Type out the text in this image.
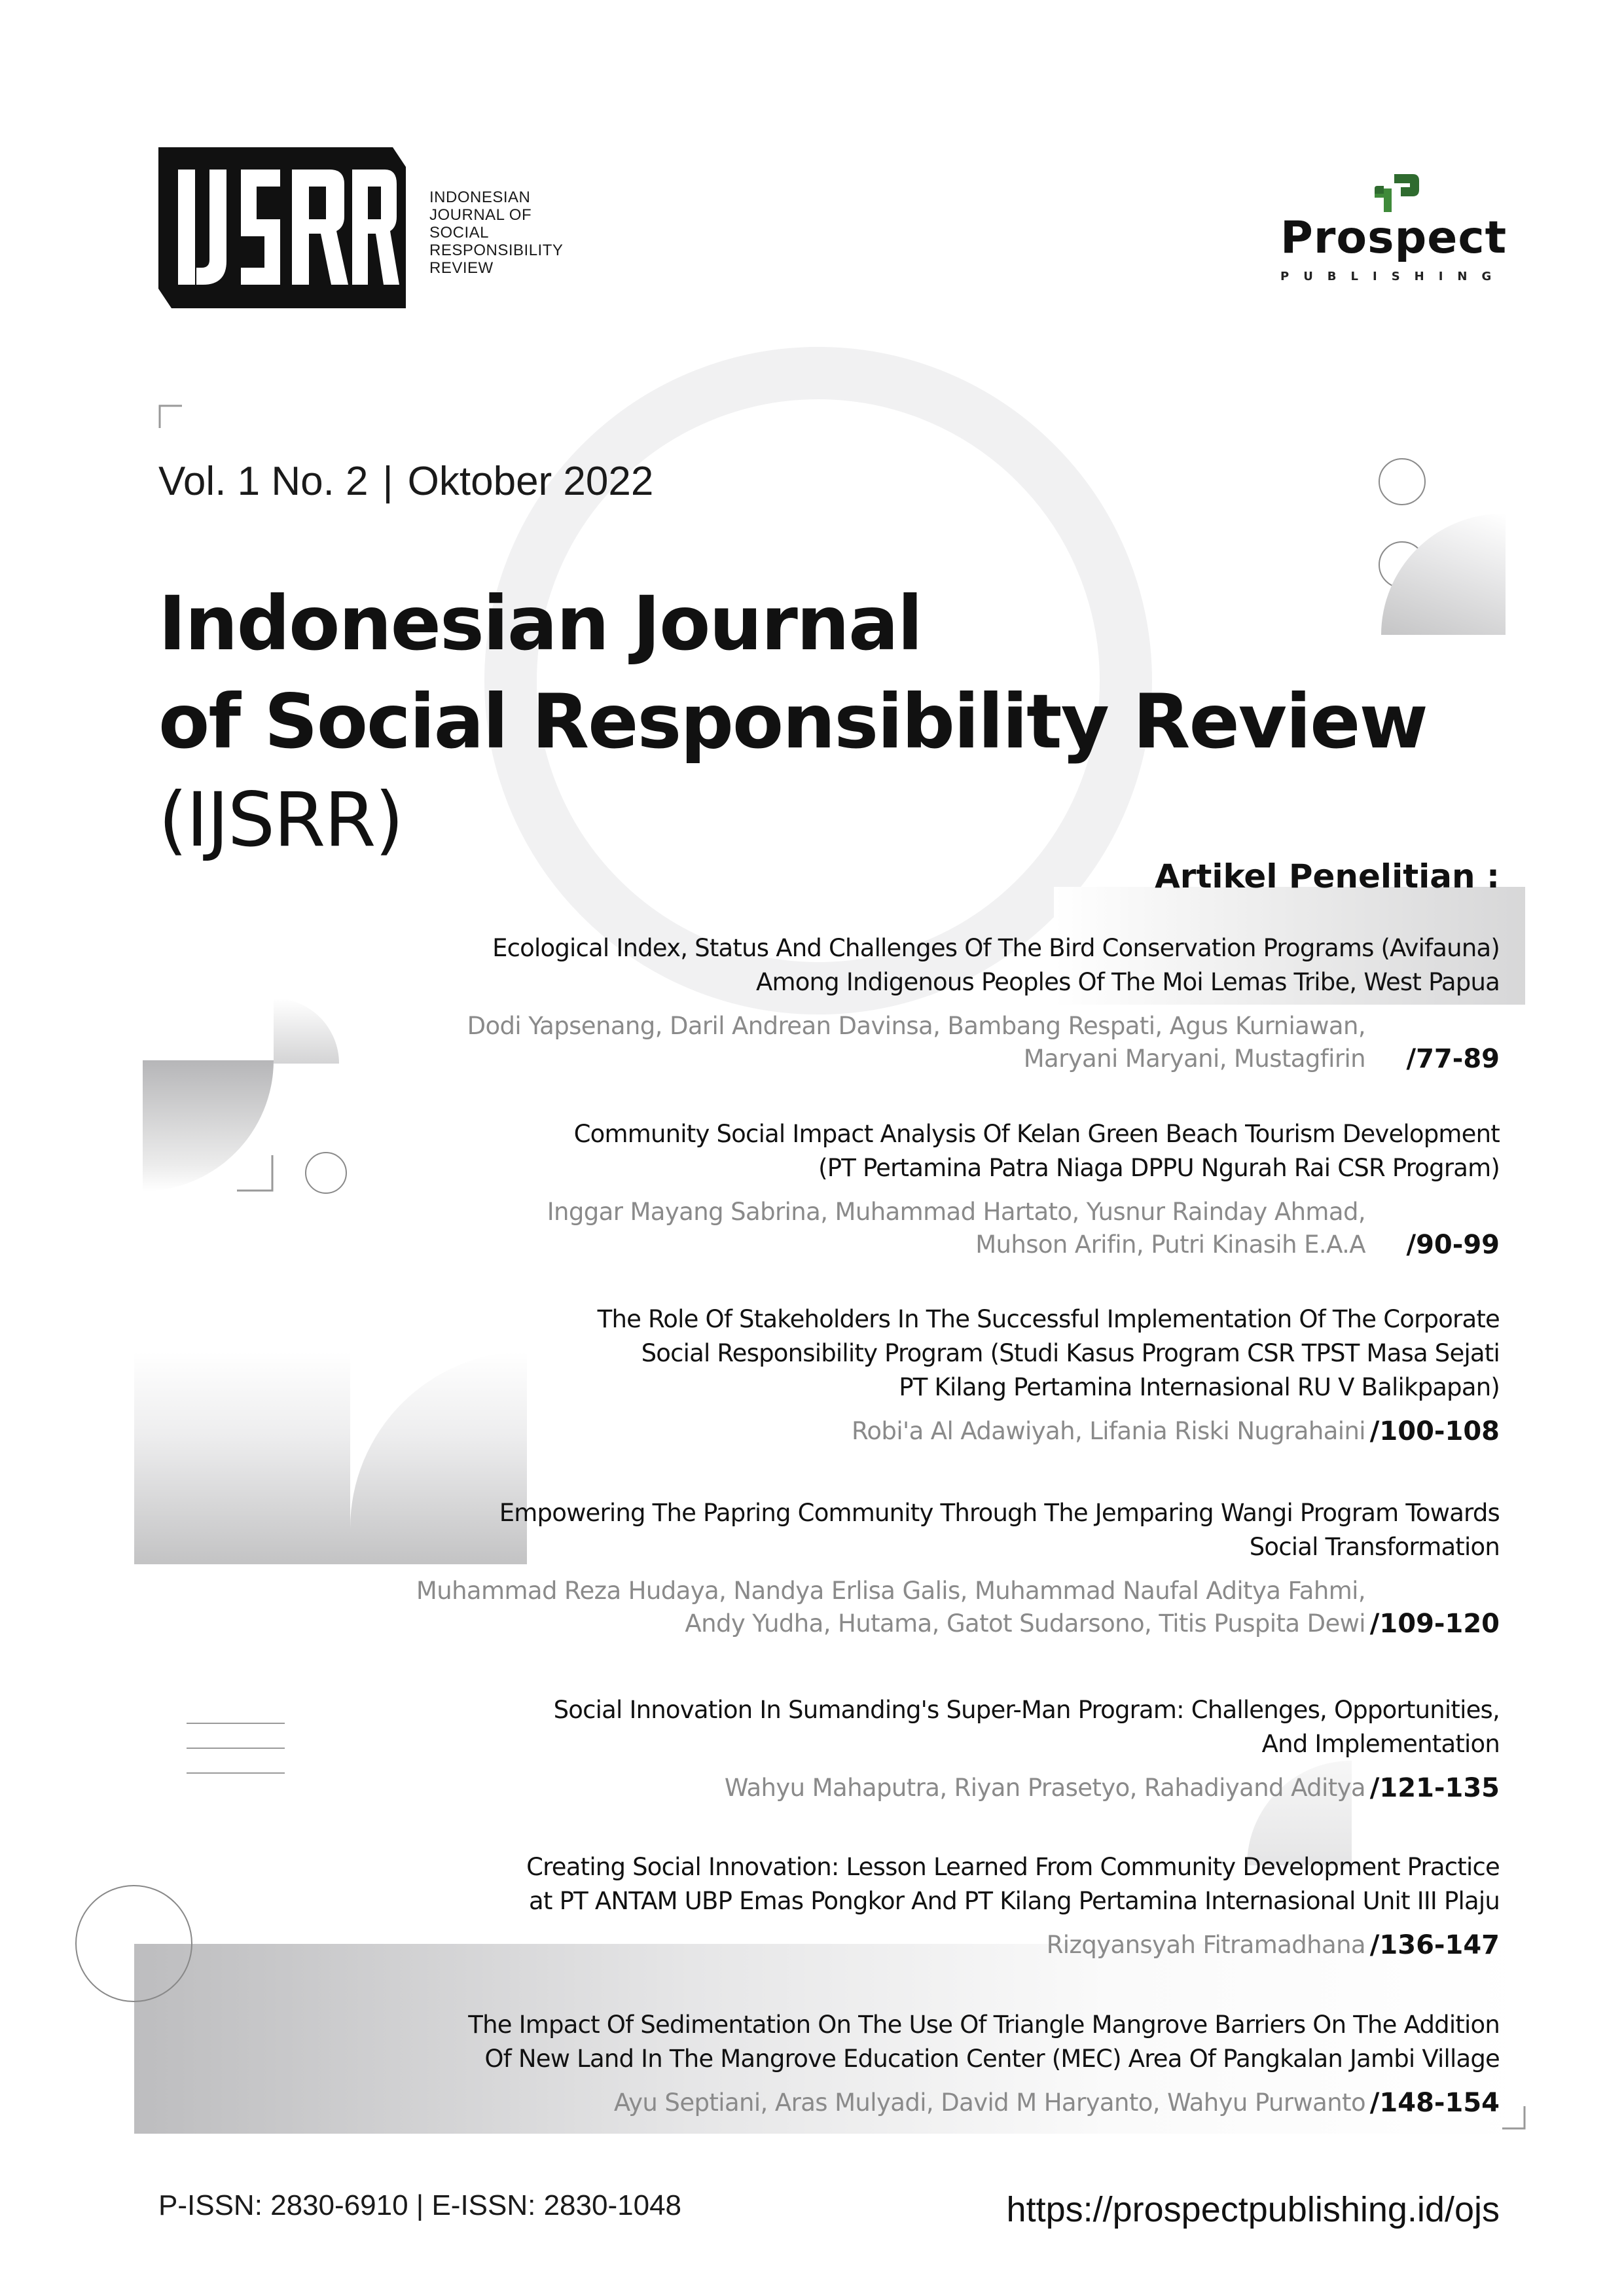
INDONESIAN
JOURNAL OF
SOCIAL
RESPONSIBILITY
REVIEW
Prospect
PUBLISHING
Vol. 1 No. 2 | Oktober 2022
Indonesian Journal
of Social Responsibility Review
(IJSRR)
Artikel Penelitian :
Ecological Index, Status And Challenges Of The Bird Conservation Programs (Avifauna)
Among Indigenous Peoples Of The Moi Lemas Tribe, West Papua
Dodi Yapsenang, Daril Andrean Davinsa, Bambang Respati, Agus Kurniawan,
Maryani Maryani, Mustagfirin /77-89
Community Social Impact Analysis Of Kelan Green Beach Tourism Development
(PT Pertamina Patra Niaga DPPU Ngurah Rai CSR Program)
Inggar Mayang Sabrina, Muhammad Hartato, Yusnur Rainday Ahmad,
Muhson Arifin, Putri Kinasih E.A.A /90-99
The Role Of Stakeholders In The Successful Implementation Of The Corporate
Social Responsibility Program (Studi Kasus Program CSR TPST Masa Sejati
PT Kilang Pertamina Internasional RU V Balikpapan)
Robi'a Al Adawiyah, Lifania Riski Nugrahaini /100-108
Empowering The Papring Community Through The Jemparing Wangi Program Towards
Social Transformation
Muhammad Reza Hudaya, Nandya Erlisa Galis, Muhammad Naufal Aditya Fahmi,
Andy Yudha, Hutama, Gatot Sudarsono, Titis Puspita Dewi /109-120
Social Innovation In Sumanding's Super-Man Program: Challenges, Opportunities,
And Implementation
Wahyu Mahaputra, Riyan Prasetyo, Rahadiyand Aditya /121-135
Creating Social Innovation: Lesson Learned From Community Development Practice
at PT ANTAM UBP Emas Pongkor And PT Kilang Pertamina Internasional Unit III Plaju
Rizqyansyah Fitramadhana /136-147
The Impact Of Sedimentation On The Use Of Triangle Mangrove Barriers On The Addition
Of New Land In The Mangrove Education Center (MEC) Area Of Pangkalan Jambi Village
Ayu Septiani, Aras Mulyadi, David M Haryanto, Wahyu Purwanto /148-154
P-ISSN: 2830-6910 | E-ISSN: 2830-1048	https://prospectpublishing.id/ojs
